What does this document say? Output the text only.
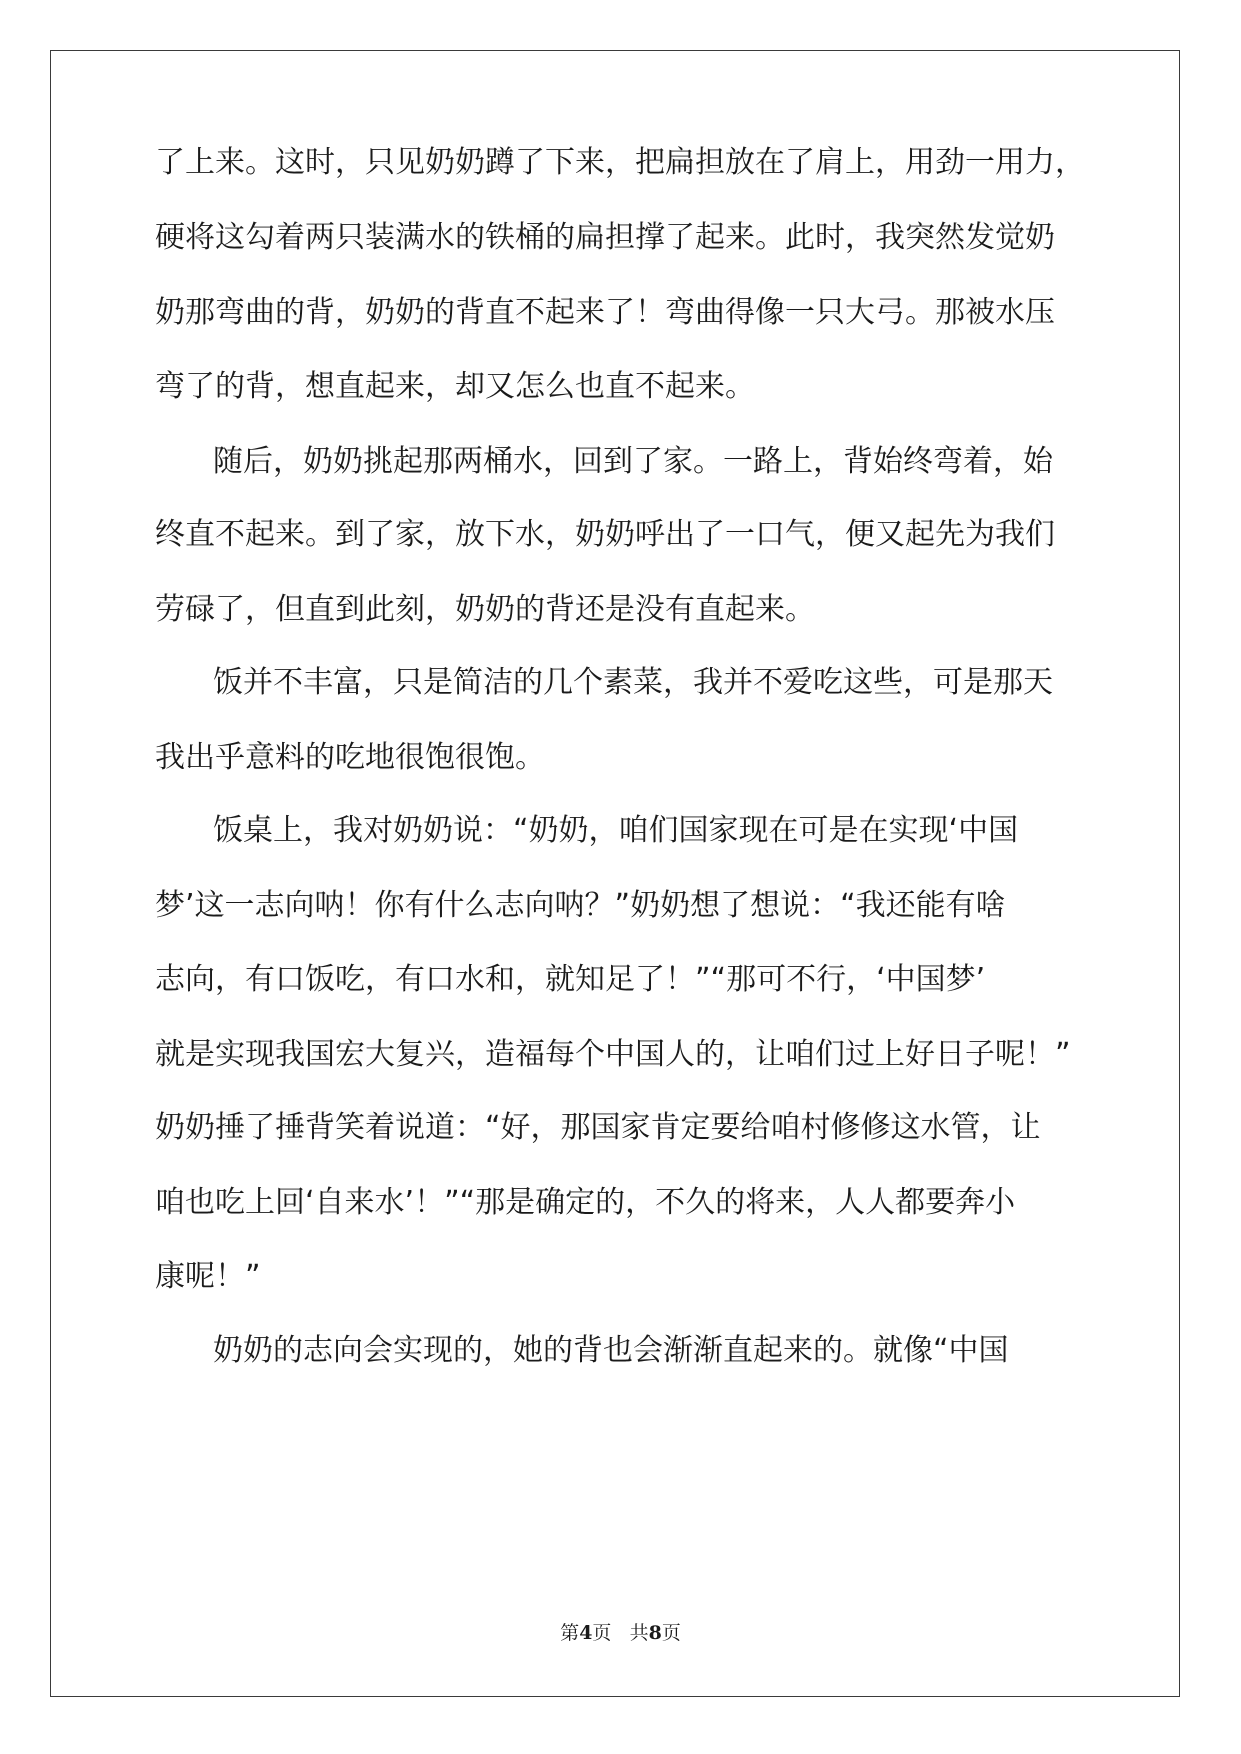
了上来。这时，只见奶奶蹲了下来，把扁担放在了肩上，用劲一用力，
硬将这勾着两只装满水的铁桶的扁担撑了起来。此时，我突然发觉奶
奶那弯曲的背，奶奶的背直不起来了！弯曲得像一只大弓。那被水压
弯了的背，想直起来，却又怎么也直不起来。
随后，奶奶挑起那两桶水，回到了家。一路上，背始终弯着，始
终直不起来。到了家，放下水，奶奶呼出了一口气，便又起先为我们
劳碌了，但直到此刻，奶奶的背还是没有直起来。
饭并不丰富，只是简洁的几个素菜，我并不爱吃这些，可是那天
我出乎意料的吃地很饱很饱。
饭桌上，我对奶奶说：“奶奶，咱们国家现在可是在实现‘中国
梦’这一志向呐！你有什么志向呐？”奶奶想了想说：“我还能有啥
志向，有口饭吃，有口水和，就知足了！”“那可不行，‘中国梦’
就是实现我国宏大复兴，造福每个中国人的，让咱们过上好日子呢！”
奶奶捶了捶背笑着说道：“好，那国家肯定要给咱村修修这水管，让
咱也吃上回‘自来水’！”“那是确定的，不久的将来，人人都要奔小
康呢！”
奶奶的志向会实现的，她的背也会渐渐直起来的。就像“中国
第4页 共8页
